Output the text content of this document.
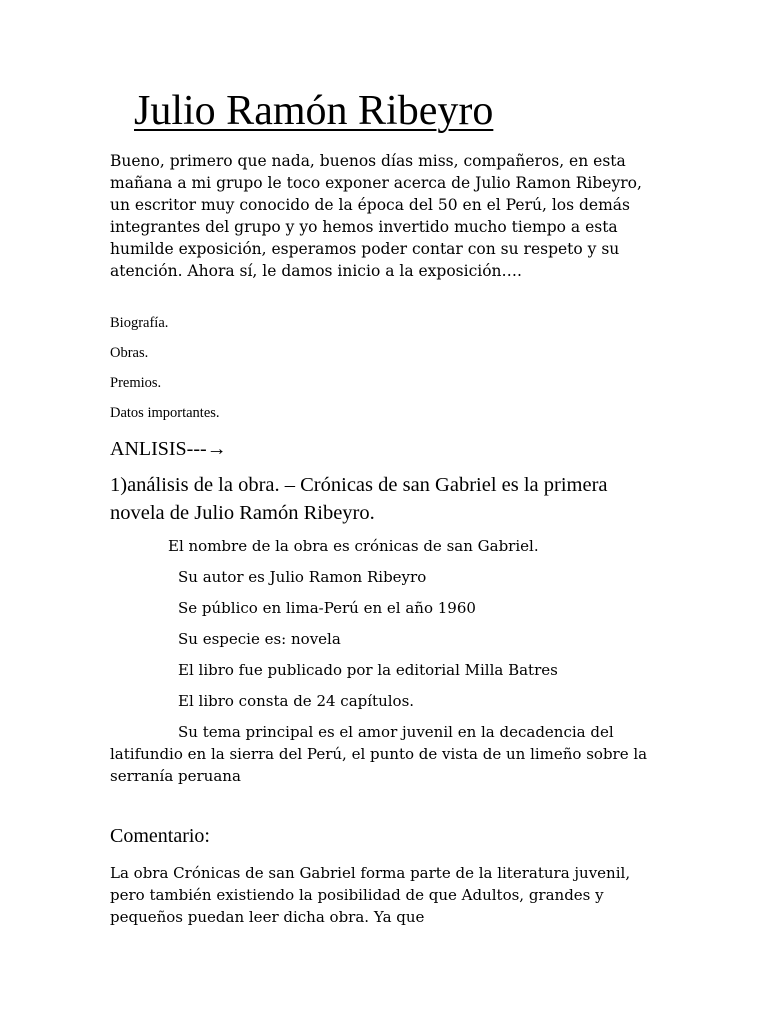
Julio Ramón Ribeyro

Bueno, primero que nada, buenos días miss, compañeros, en esta mañana a mi grupo le toco exponer acerca de Julio Ramon Ribeyro, un escritor muy conocido de la época del 50 en el Perú, los demás integrantes del grupo y yo hemos invertido mucho tiempo a esta humilde exposición, esperamos poder contar con su respeto y su atención. Ahora sí, le damos inicio a la exposición….

Biografía.
Obras.
Premios.
Datos importantes.
ANLISIS---→

1)análisis de la obra. – Crónicas de san Gabriel es la primera novela de Julio Ramón Ribeyro.

El nombre de la obra es crónicas de san Gabriel.
Su autor es Julio Ramon Ribeyro
Se público en lima-Perú en el año 1960
Su especie es: novela
El libro fue publicado por la editorial Milla Batres
El libro consta de 24 capítulos.
Su tema principal es el amor juvenil en la decadencia del latifundio en la sierra del Perú, el punto de vista de un limeño sobre la serranía peruana
Comentario:

La obra Crónicas de san Gabriel forma parte de la literatura juvenil, pero también existiendo la posibilidad de que Adultos, grandes y pequeños puedan leer dicha obra. Ya que
